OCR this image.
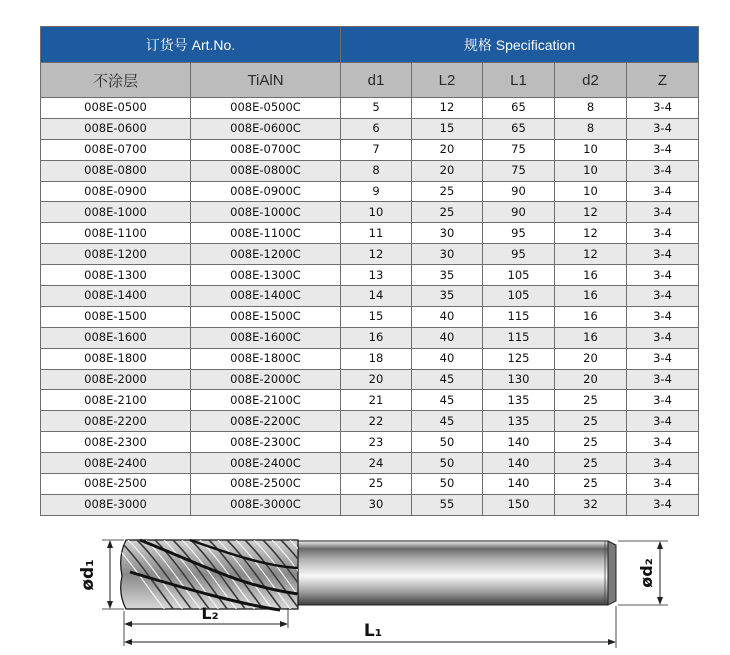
订货号 Art.No.		规格 Specification				
不涂层	TiAlN	d1	L2	L1	d2	Z
008E-0500	008E-0500C	5	12	65	8	3-4
008E-0600	008E-0600C	6	15	65	8	3-4
008E-0700	008E-0700C	7	20	75	10	3-4
008E-0800	008E-0800C	8	20	75	10	3-4
008E-0900	008E-0900C	9	25	90	10	3-4
008E-1000	008E-1000C	10	25	90	12	3-4
008E-1100	008E-1100C	11	30	95	12	3-4
008E-1200	008E-1200C	12	30	95	12	3-4
008E-1300	008E-1300C	13	35	105	16	3-4
008E-1400	008E-1400C	14	35	105	16	3-4
008E-1500	008E-1500C	15	40	115	16	3-4
008E-1600	008E-1600C	16	40	115	16	3-4
008E-1800	008E-1800C	18	40	125	20	3-4
008E-2000	008E-2000C	20	45	130	20	3-4
008E-2100	008E-2100C	21	45	135	25	3-4
008E-2200	008E-2200C	22	45	135	25	3-4
008E-2300	008E-2300C	23	50	140	25	3-4
008E-2400	008E-2400C	24	50	140	25	3-4
008E-2500	008E-2500C	25	50	140	25	3-4
008E-3000	008E-3000C	30	55	150	32	3-4
ød₁	ød₂
L₂
L₁
